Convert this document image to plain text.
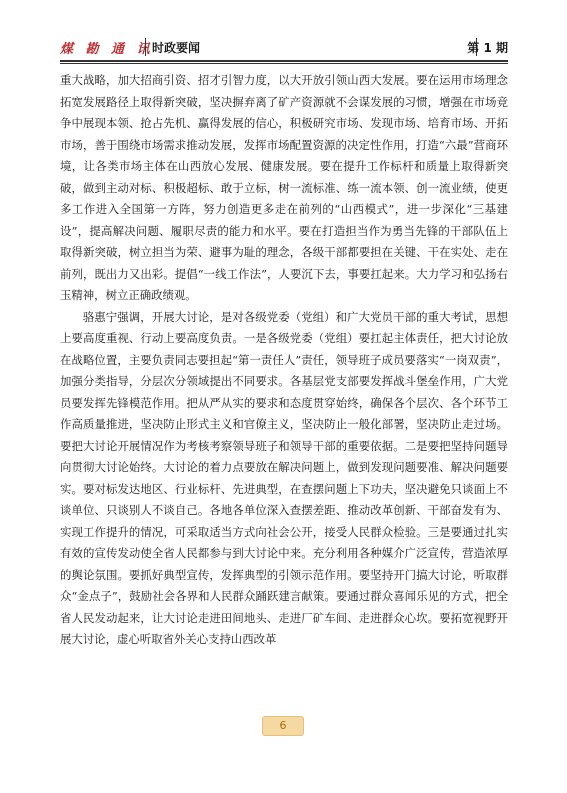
煤 勘 通 讯
时政要闻	第 1 期

重大战略，加大招商引资、招才引智力度，以大开放引领山西大发展。要在运用市场理念拓宽发展路径上取得新突破，坚决摒弃离了矿产资源就不会谋发展的习惯，增强在市场竞争中展现本领、抢占先机、赢得发展的信心，积极研究市场、发现市场、培育市场、开拓市场，善于围绕市场需求推动发展，发挥市场配置资源的决定性作用，打造“六最”营商环境，让各类市场主体在山西放心发展、健康发展。要在提升工作标杆和质量上取得新突破，做到主动对标、积极超标、敢于立标，树一流标准、练一流本领、创一流业绩，使更多工作进入全国第一方阵，努力创造更多走在前列的“山西模式”，进一步深化“三基建设”，提高解决问题、履职尽责的能力和水平。要在打造担当作为勇当先锋的干部队伍上取得新突破，树立担当为荣、避事为耻的理念，各级干部都要担在关键、干在实处、走在前列，既出力又出彩。提倡“一线工作法”，人要沉下去，事要扛起来。大力学习和弘扬右玉精神，树立正确政绩观。

骆惠宁强调，开展大讨论，是对各级党委（党组）和广大党员干部的重大考试，思想上要高度重视、行动上要高度负责。一是各级党委（党组）要扛起主体责任，把大讨论放在战略位置，主要负责同志要担起“第一责任人”责任，领导班子成员要落实“一岗双责”，加强分类指导，分层次分领域提出不同要求。各基层党支部要发挥战斗堡垒作用，广大党员要发挥先锋模范作用。把从严从实的要求和态度贯穿始终，确保各个层次、各个环节工作高质量推进，坚决防止形式主义和官僚主义，坚决防止一般化部署，坚决防止走过场。要把大讨论开展情况作为考核考察领导班子和领导干部的重要依据。二是要把坚持问题导向贯彻大讨论始终。大讨论的着力点要放在解决问题上，做到发现问题要准、解决问题要实。要对标发达地区、行业标杆、先进典型，在查摆问题上下功夫，坚决避免只谈面上不谈单位、只谈别人不谈自己。各地各单位深入查摆差距、推动改革创新、干部奋发有为、实现工作提升的情况，可采取适当方式向社会公开，接受人民群众检验。三是要通过扎实有效的宣传发动使全省人民都参与到大讨论中来。充分利用各种媒介广泛宣传，营造浓厚的舆论氛围。要抓好典型宣传，发挥典型的引领示范作用。要坚持开门搞大讨论，听取群众“金点子”，鼓励社会各界和人民群众踊跃建言献策。要通过群众喜闻乐见的方式，把全省人民发动起来，让大讨论走进田间地头、走进厂矿车间、走进群众心坎。要拓宽视野开展大讨论，虚心听取省外关心支持山西改革

6
